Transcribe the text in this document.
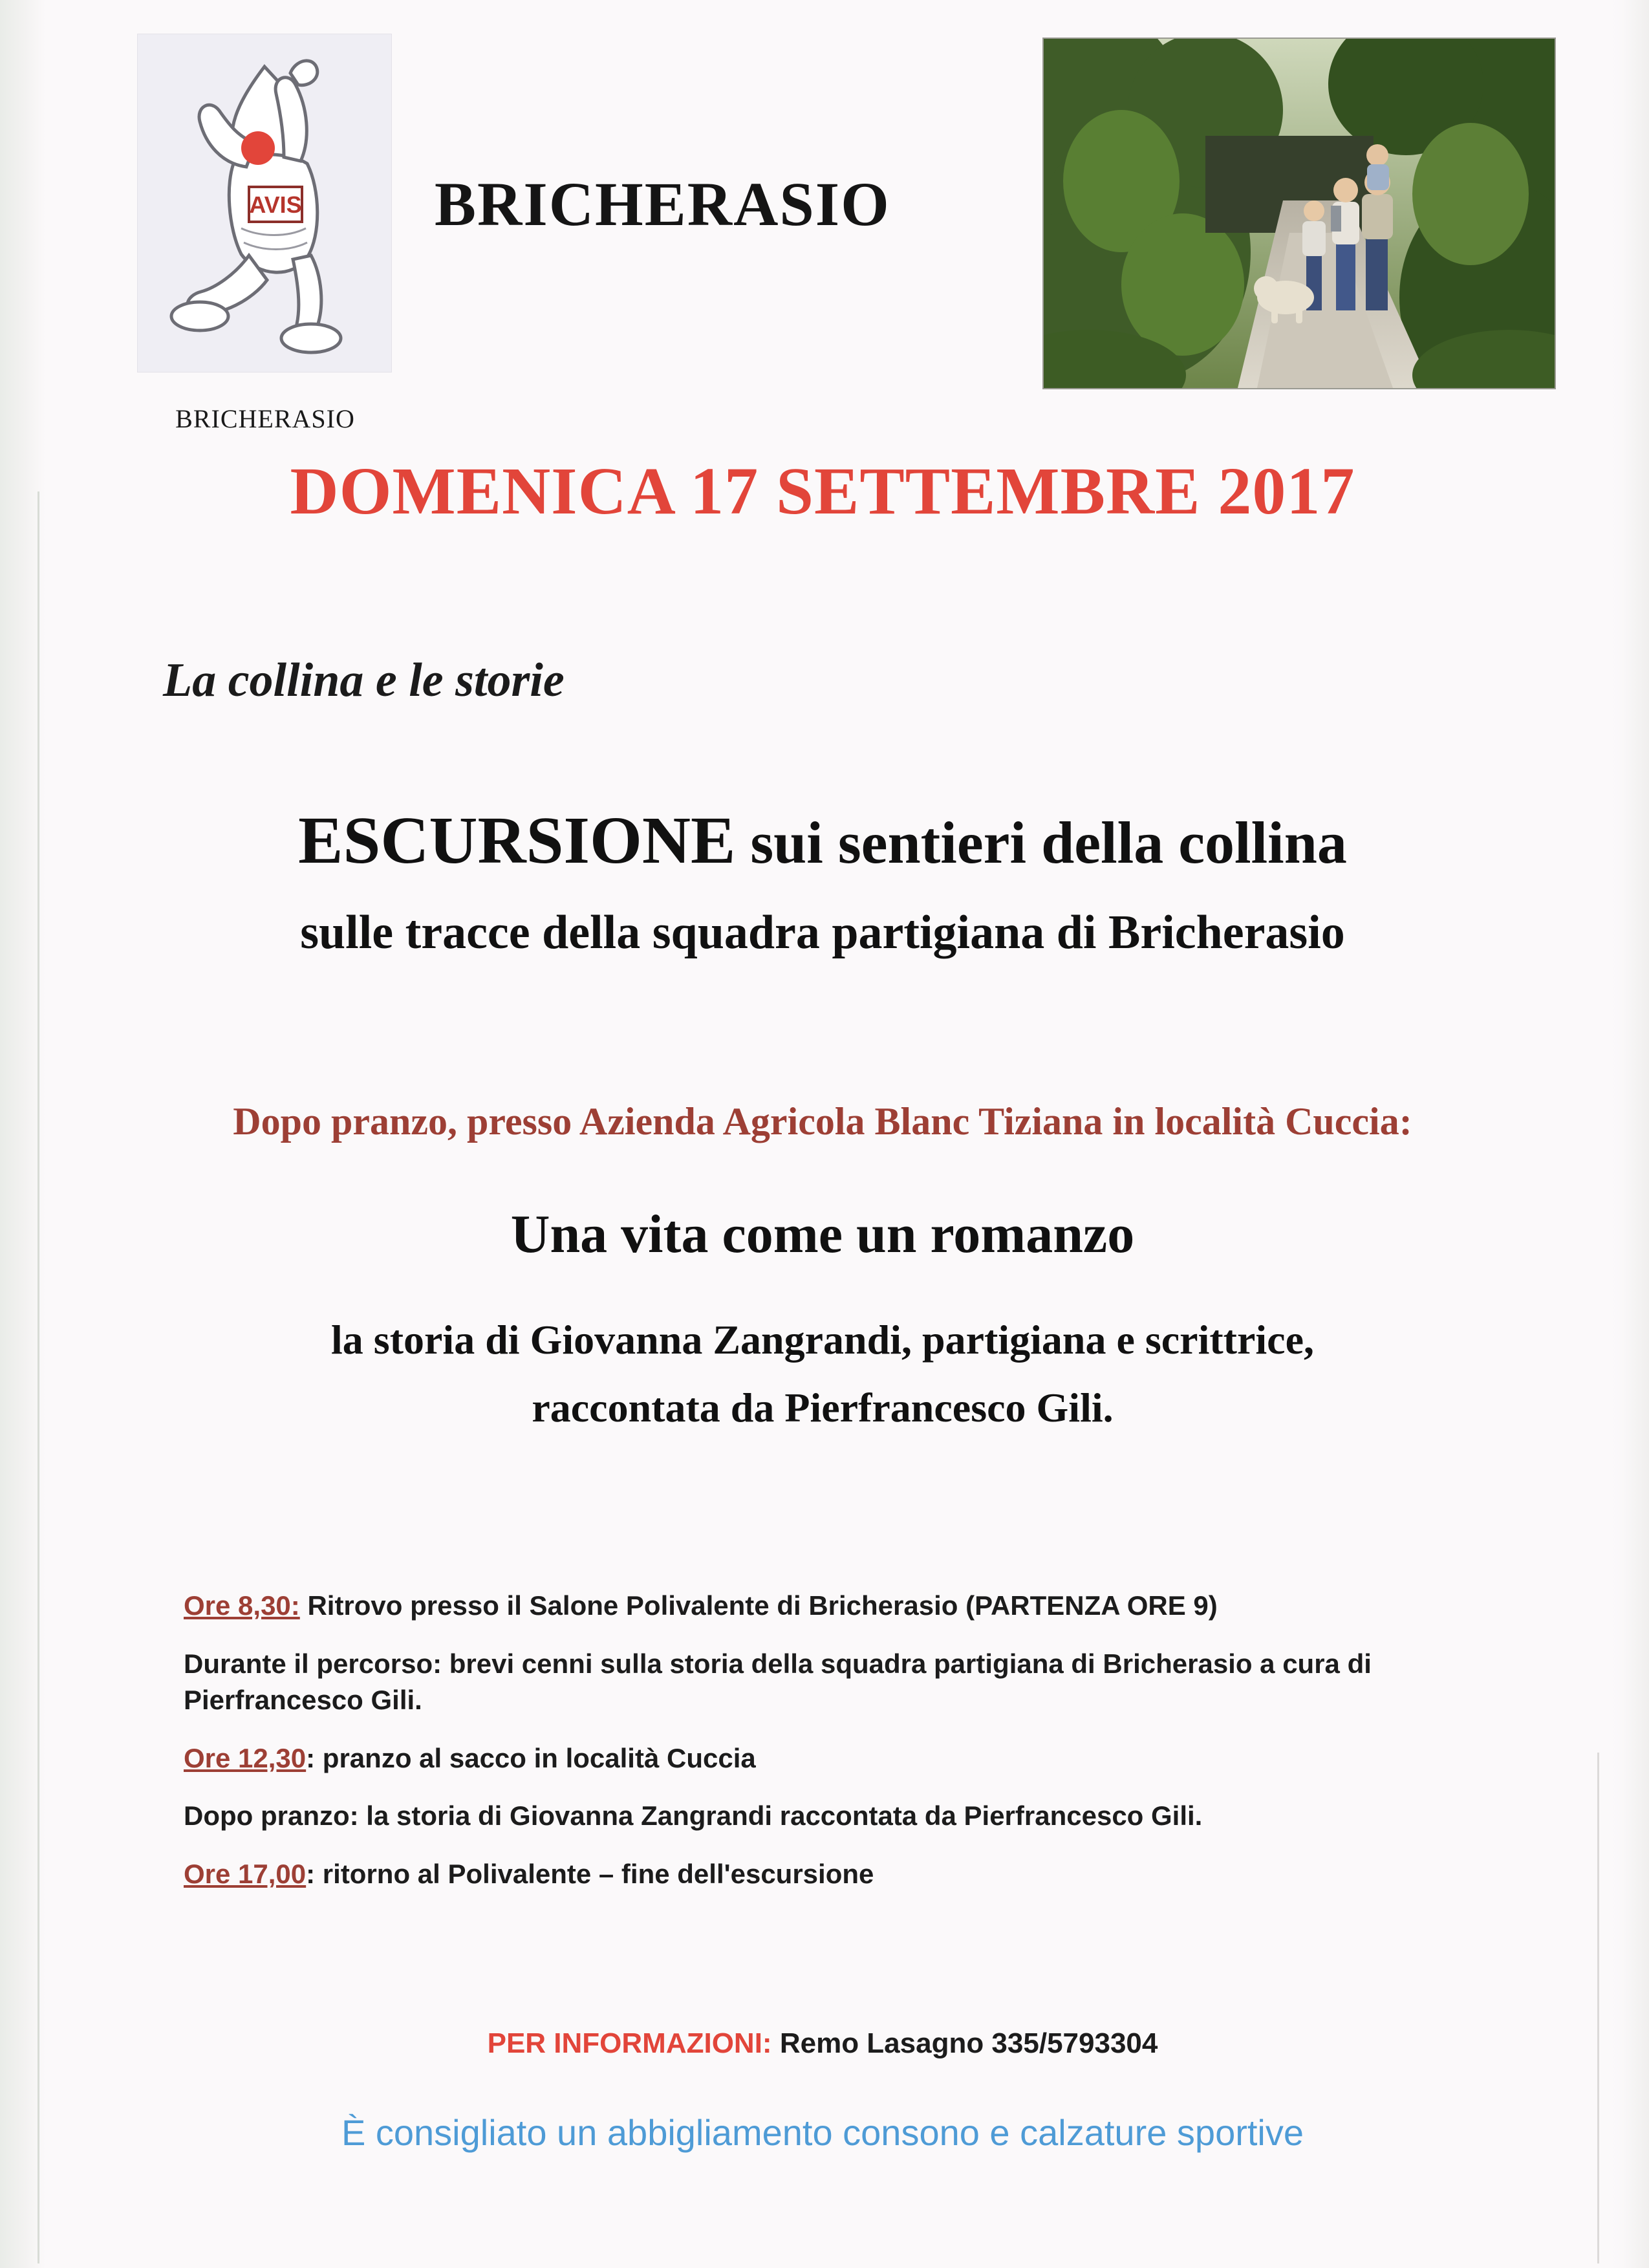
AVIS
BRICHERASIO
BRICHERASIO
DOMENICA 17 SETTEMBRE 2017
La collina e le storie
ESCURSIONE sui sentieri della collina
sulle tracce della squadra partigiana di Bricherasio
Dopo pranzo, presso Azienda Agricola Blanc Tiziana in località Cuccia:
Una vita come un romanzo
la storia di Giovanna Zangrandi, partigiana e scrittrice,
raccontata da Pierfrancesco Gili.
Ore 8,30: Ritrovo presso il Salone Polivalente di Bricherasio (PARTENZA ORE 9)
Durante il percorso: brevi cenni sulla storia della squadra partigiana di Bricherasio a cura di Pierfrancesco Gili.
Ore 12,30: pranzo al sacco in località Cuccia
Dopo pranzo: la storia di Giovanna Zangrandi raccontata da Pierfrancesco Gili.
Ore 17,00: ritorno al Polivalente – fine dell'escursione
PER INFORMAZIONI: Remo Lasagno 335/5793304
È consigliato un abbigliamento consono e calzature sportive
